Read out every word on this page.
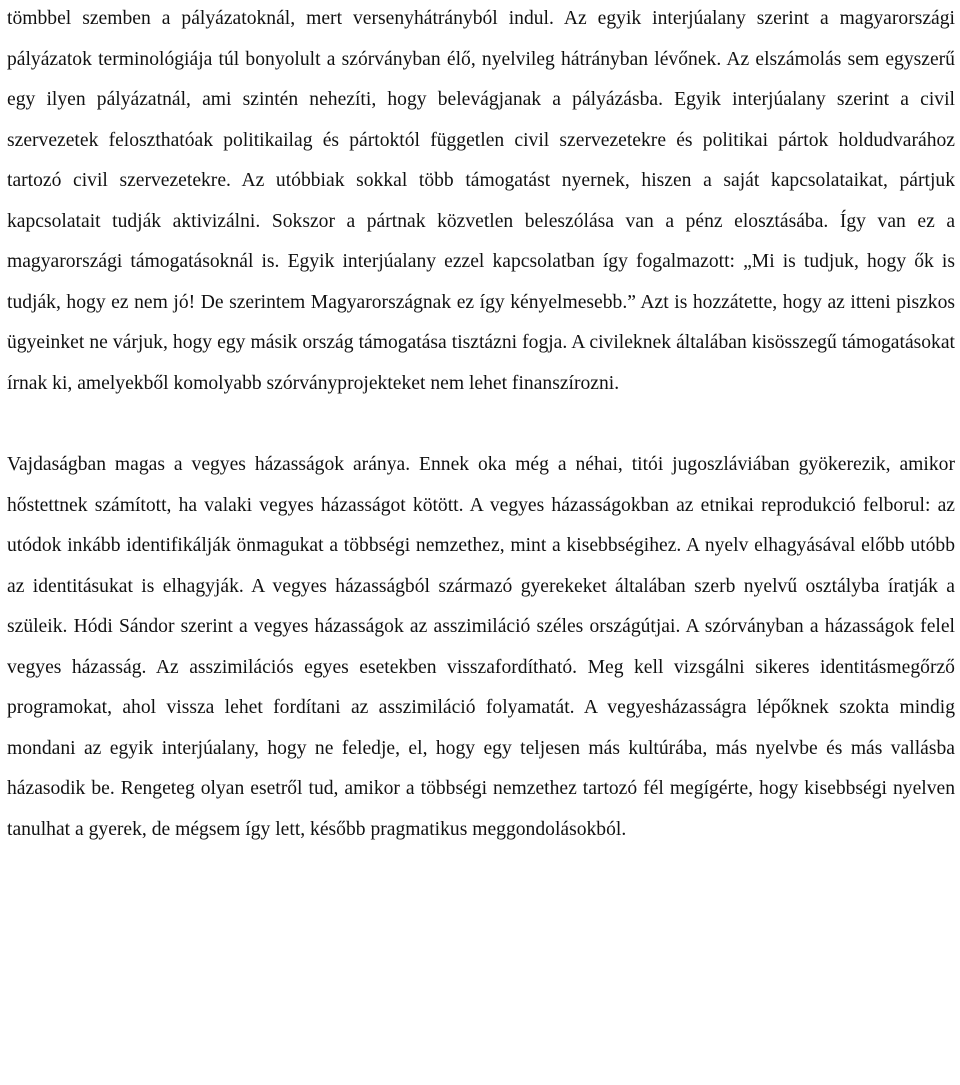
tömbbel szemben a pályázatoknál, mert versenyhátrányból indul. Az egyik interjúalany szerint a magyarországi pályázatok terminológiája túl bonyolult a szórványban élő, nyelvileg hátrányban lévőnek. Az elszámolás sem egyszerű egy ilyen pályázatnál, ami szintén nehezíti, hogy belevágjanak a pályázásba. Egyik interjúalany szerint a civil szervezetek feloszthatóak politikailag és pártoktól független civil szervezetekre és politikai pártok holdudvarához tartozó civil szervezetekre. Az utóbbiak sokkal több támogatást nyernek, hiszen a saját kapcsolataikat, pártjuk kapcsolatait tudják aktivizálni. Sokszor a pártnak közvetlen beleszólása van a pénz elosztásába. Így van ez a magyarországi támogatásoknál is. Egyik interjúalany ezzel kapcsolatban így fogalmazott: „Mi is tudjuk, hogy ők is tudják, hogy ez nem jó! De szerintem Magyarországnak ez így kényelmesebb.” Azt is hozzátette, hogy az itteni piszkos ügyeinket ne várjuk, hogy egy másik ország támogatása tisztázni fogja. A civileknek általában kisösszegű támogatásokat írnak ki, amelyekből komolyabb szórványprojekteket nem lehet finanszírozni.

Vajdaságban magas a vegyes házasságok aránya. Ennek oka még a néhai, titói jugoszláviában gyökerezik, amikor hőstettnek számított, ha valaki vegyes házasságot kötött. A vegyes házasságokban az etnikai reprodukció felborul: az utódok inkább identifikálják önmagukat a többségi nemzethez, mint a kisebbségihez. A nyelv elhagyásával előbb utóbb az identitásukat is elhagyják. A vegyes házasságból származó gyerekeket általában szerb nyelvű osztályba íratják a szüleik. Hódi Sándor szerint a vegyes házasságok az asszimiláció széles országútjai. A szórványban a házasságok felel vegyes házasság. Az asszimilációs egyes esetekben visszafordítható. Meg kell vizsgálni sikeres identitásmegőrző programokat, ahol vissza lehet fordítani az asszimiláció folyamatát. A vegyesházasságra lépőknek szokta mindig mondani az egyik interjúalany, hogy ne feledje, el, hogy egy teljesen más kultúrába, más nyelvbe és más vallásba házasodik be. Rengeteg olyan esetről tud, amikor a többségi nemzethez tartozó fél megígérte, hogy kisebbségi nyelven tanulhat a gyerek, de mégsem így lett, később pragmatikus meggondolásokból.
